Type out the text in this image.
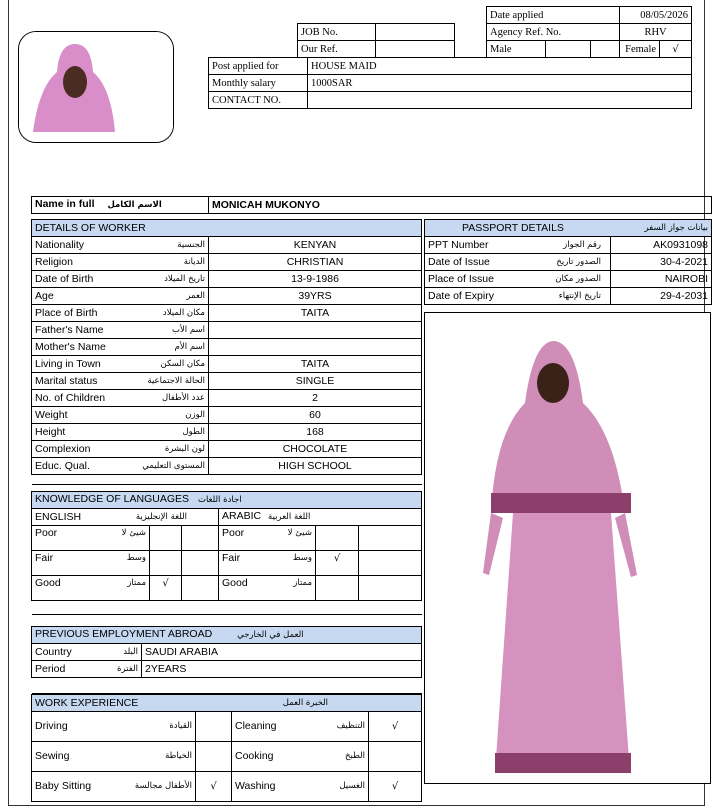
Date applied			08/05/2026	
Agency Ref. No.			RHV	
Male			Female	√
JOB No.	
Our Ref.	
Post applied for	HOUSE MAID
Monthly salary	1000SAR
CONTACT NO.	
Name in full الاسم الكامل	MONICAH MUKONYO
DETAILS OF WORKER	
Nationality الجنسية	KENYAN
Religion الديانة	CHRISTIAN
Date of Birth تاريخ الميلاد	13-9-1986
Age العمر	39YRS
Place of Birth مكان الميلاد	TAITA
Father's Name اسم الأب	

Mother's Name اسم الأم	

Living in Town مكان السكن	TAITA
Marital status الحالة الاجتماعية	SINGLE
No. of Children عدد الأطفال	2
Weight الوزن	60
Height الطول	168
Complexion لون البشرة	CHOCOLATE
Educ. Qual. المستوى التعليمي	HIGH SCHOOL

PASSPORT DETAILS بيانات جواز السفر	

PPT Number رقم الجواز	AK0931098
Date of Issue الصدور تاريخ	30-4-2021
Place of Issue الصدور مكان	NAIROBI
Date of Expiry تاريخ الإنتهاء	29-4-2031
KNOWLEDGE OF LANGUAGES اجادة اللغات					
ENGLISH اللغة الإنجليزية			ARABIC اللغة العربية		
Poor شيئ لا			Poor شيئ لا		

Fair وسط			Fair وسط	√	
Good ممتاز	√		Good ممتاز		

PREVIOUS EMPLOYMENT ABROAD العمل في الخارجي	
Country البلد	SAUDI ARABIA
Period الفترة	2YEARS

WORK EXPERIENCE الخبرة العمل			

Driving القيادة		Cleaning التنظيف	√
Sewing الخياطة		Cooking الطبخ	

Baby Sitting الأطفال مجالسة	√	Washing الغسيل	√
